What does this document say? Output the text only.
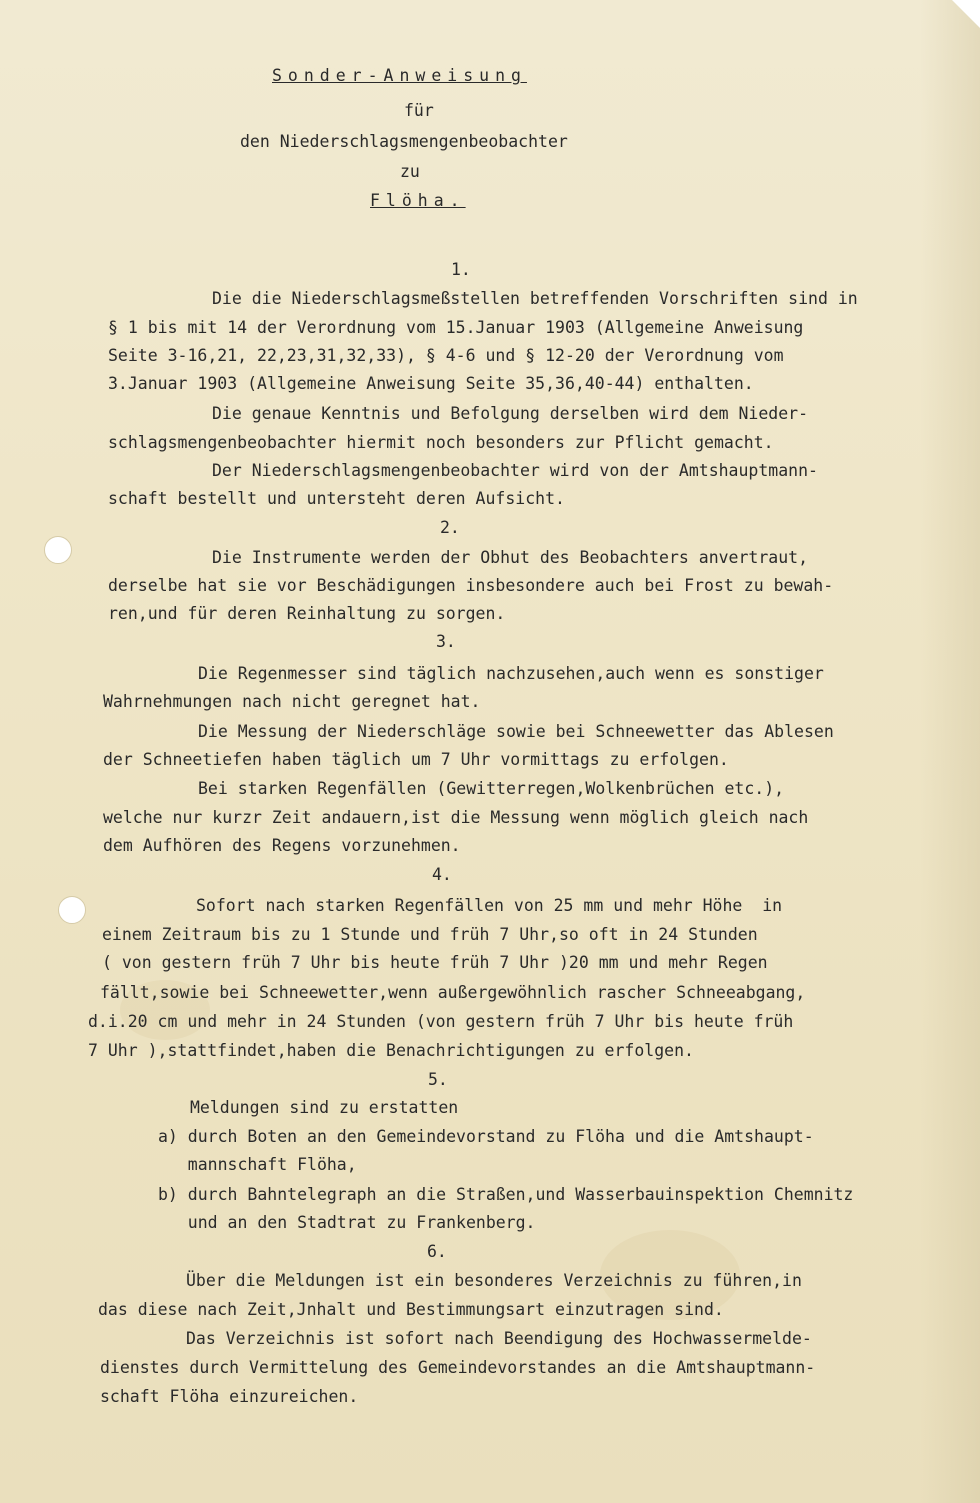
Sonder-Anweisung
für
den Niederschlagsmengenbeobachter
zu
Flöha.
1.
Die die Niederschlagsmeßstellen betreffenden Vorschriften sind in
§ 1 bis mit 14 der Verordnung vom 15.Januar 1903 (Allgemeine Anweisung
Seite 3-16,21, 22,23,31,32,33), § 4-6 und § 12-20 der Verordnung vom
3.Januar 1903 (Allgemeine Anweisung Seite 35,36,40-44) enthalten.
Die genaue Kenntnis und Befolgung derselben wird dem Nieder-
schlagsmengenbeobachter hiermit noch besonders zur Pflicht gemacht.
Der Niederschlagsmengenbeobachter wird von der Amtshauptmann-
schaft bestellt und untersteht deren Aufsicht.
2.
Die Instrumente werden der Obhut des Beobachters anvertraut,
derselbe hat sie vor Beschädigungen insbesondere auch bei Frost zu bewah-
ren,und für deren Reinhaltung zu sorgen.
3.
Die Regenmesser sind täglich nachzusehen,auch wenn es sonstiger
Wahrnehmungen nach nicht geregnet hat.
Die Messung der Niederschläge sowie bei Schneewetter das Ablesen
der Schneetiefen haben täglich um 7 Uhr vormittags zu erfolgen.
Bei starken Regenfällen (Gewitterregen,Wolkenbrüchen etc.),
welche nur kurzr Zeit andauern,ist die Messung wenn möglich gleich nach
dem Aufhören des Regens vorzunehmen.
4.
Sofort nach starken Regenfällen von 25 mm und mehr Höhe  in
einem Zeitraum bis zu 1 Stunde und früh 7 Uhr,so oft in 24 Stunden
( von gestern früh 7 Uhr bis heute früh 7 Uhr )20 mm und mehr Regen
fällt,sowie bei Schneewetter,wenn außergewöhnlich rascher Schneeabgang,
d.i.20 cm und mehr in 24 Stunden (von gestern früh 7 Uhr bis heute früh
7 Uhr ),stattfindet,haben die Benachrichtigungen zu erfolgen.
5.
Meldungen sind zu erstatten
a) durch Boten an den Gemeindevorstand zu Flöha und die Amtshaupt-
mannschaft Flöha,
b) durch Bahntelegraph an die Straßen,und Wasserbauinspektion Chemnitz
und an den Stadtrat zu Frankenberg.
6.
Über die Meldungen ist ein besonderes Verzeichnis zu führen,in
das diese nach Zeit,Jnhalt und Bestimmungsart einzutragen sind.
Das Verzeichnis ist sofort nach Beendigung des Hochwassermelde-
dienstes durch Vermittelung des Gemeindevorstandes an die Amtshauptmann-
schaft Flöha einzureichen.
